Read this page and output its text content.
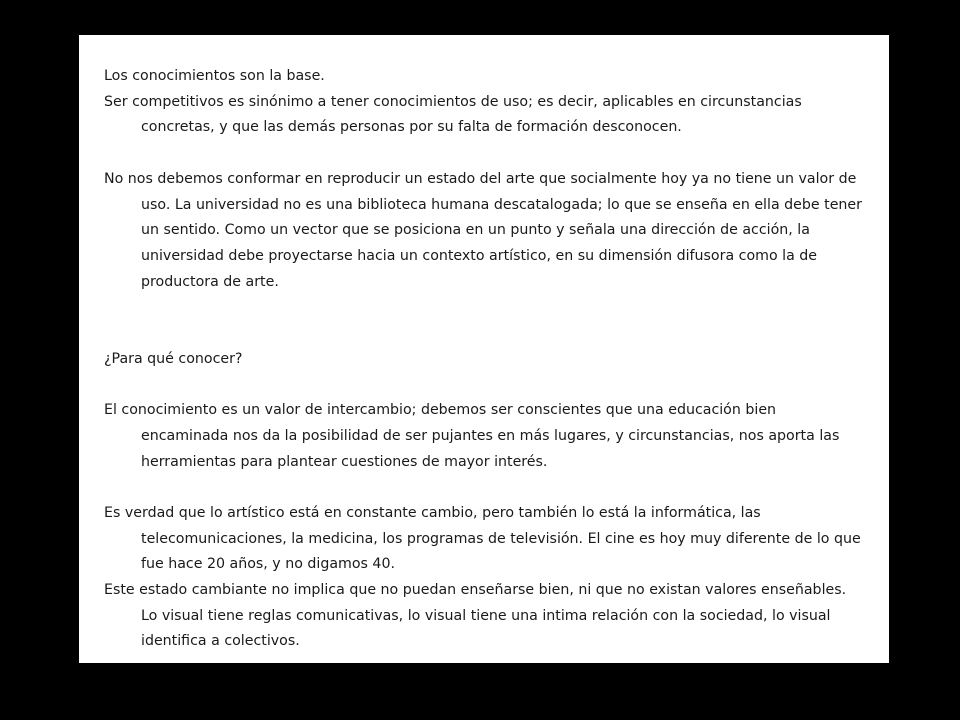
Los conocimientos son la base.

Ser competitivos es sinónimo a tener conocimientos de uso; es decir, aplicables en circunstancias concretas, y que las demás personas por su falta de formación desconocen.

No nos debemos conformar en reproducir un estado del arte que socialmente hoy ya no tiene un valor de uso. La universidad no es una biblioteca humana descatalogada; lo que se enseña en ella debe tener un sentido. Como un vector que se posiciona en un punto y señala una dirección de acción, la universidad debe proyectarse hacia un contexto artístico, en su dimensión difusora como la de productora de arte.

¿Para qué conocer?

El conocimiento es un valor de intercambio; debemos ser conscientes que una educación bien encaminada nos da la posibilidad de ser pujantes en más lugares, y circunstancias, nos aporta las herramientas para plantear cuestiones de mayor interés.

Es verdad que lo artístico está en constante cambio, pero también lo está la informática, las telecomunicaciones, la medicina, los programas de televisión. El cine es hoy muy diferente de lo que fue hace 20 años, y no digamos 40.

Este estado cambiante no implica que no puedan enseñarse bien, ni que no existan valores enseñables. Lo visual tiene reglas comunicativas, lo visual tiene una intima relación con la sociedad, lo visual identifica a colectivos.
